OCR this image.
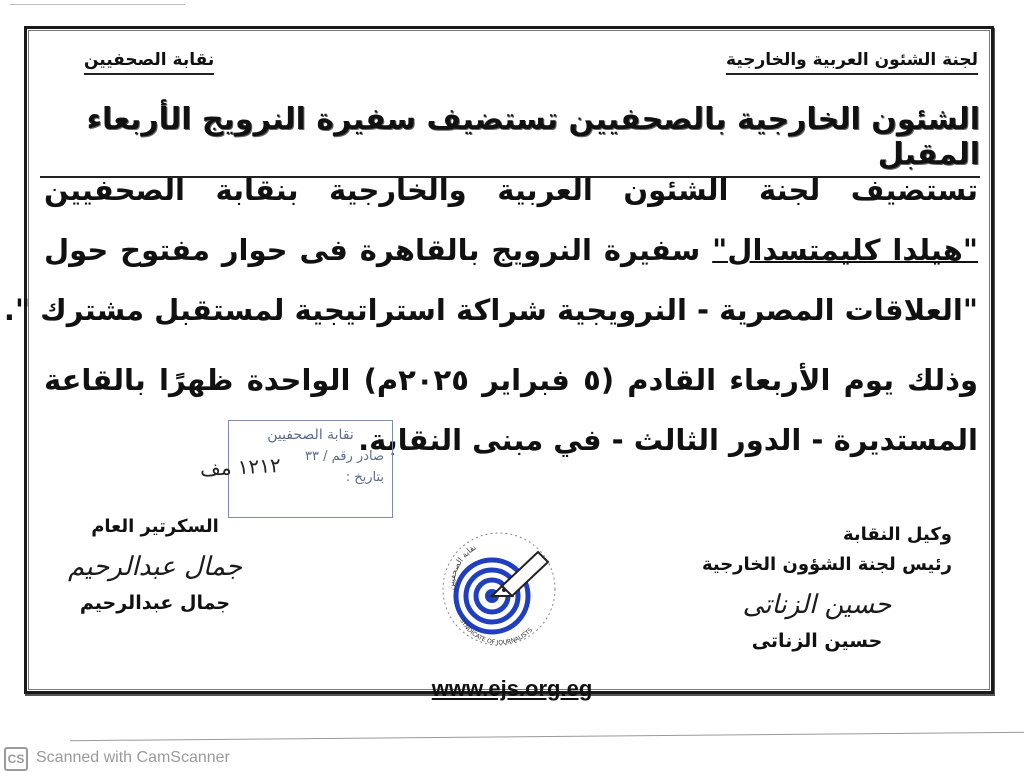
لجنة الشئون العربية والخارجية
نقابة الصحفيين
الشئون الخارجية بالصحفيين تستضيف سفيرة النرويج الأربعاء المقبل
تستضيف لجنة الشئون العربية والخارجية بنقابة الصحفيين
"هيلدا كليمتسدال" سفيرة النرويج بالقاهرة فى حوار مفتوح حول
"العلاقات المصرية - النرويجية شراكة استراتيجية لمستقبل مشترك ".
وذلك يوم الأربعاء القادم (٥ فبراير ٢٠٢٥م) الواحدة ظهرًا بالقاعة
المستديرة - الدور الثالث - في مبنى النقابة.
نقابة الصحفيين
صادر رقم / ٣٣
بتاريخ :
١٢١٢ مف
السكرتير العام
جمال عبدالرحيم
جمال عبدالرحيم
نقابة الصحفيين
SYNDICATE OF JOURNALISTS
وكيل النقابة
رئيس لجنة الشؤون الخارجية
حسين الزناتى
حسين الزناتى
www.ejs.org.eg
CS Scanned with CamScanner
